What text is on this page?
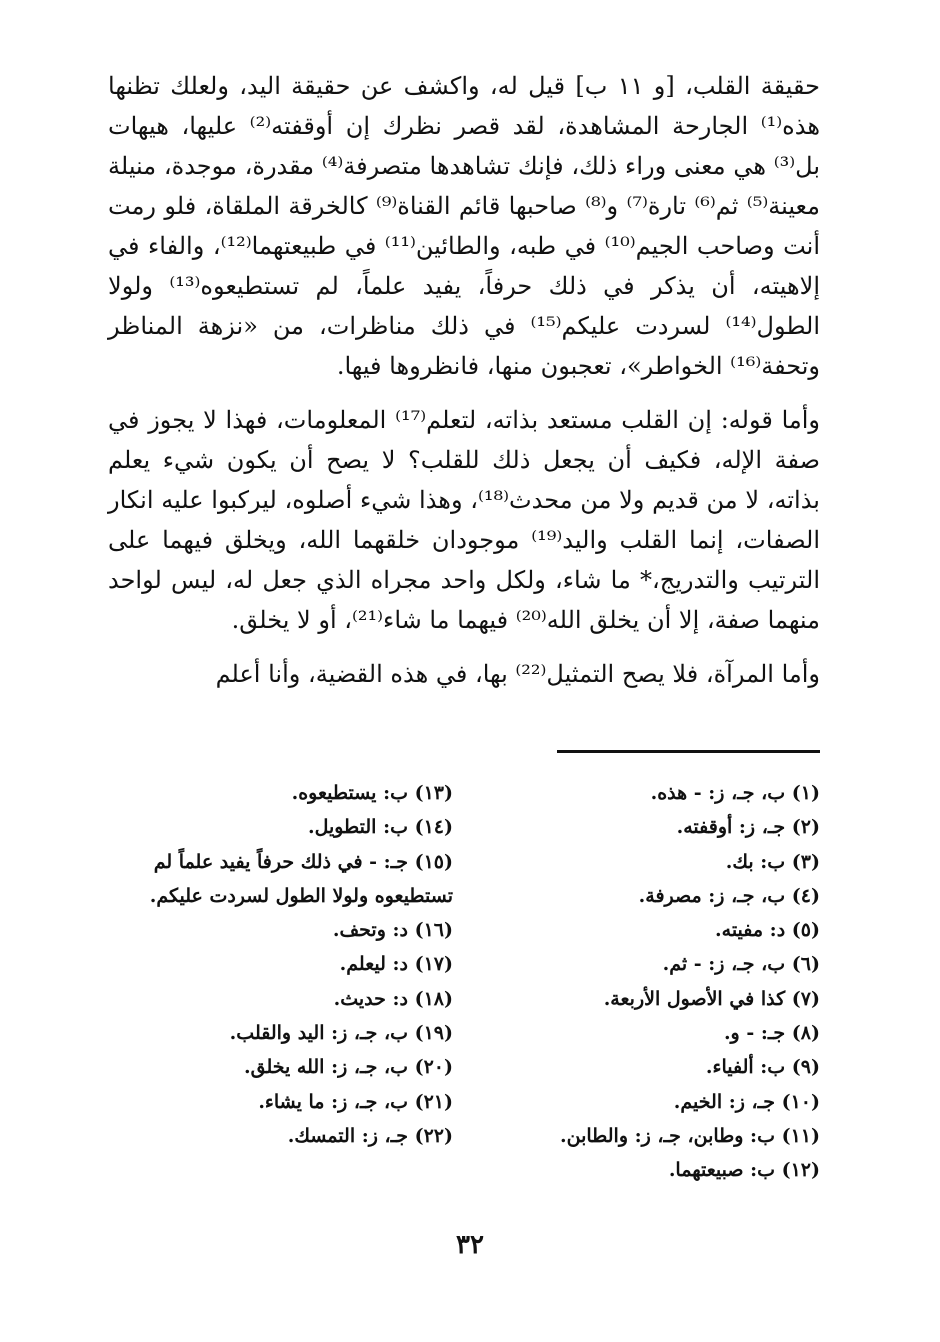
حقيقة القلب، [و ١١ ب] قيل له، واكشف عن حقيقة اليد، ولعلك تظنها هذه⁽¹⁾ الجارحة المشاهدة، لقد قصر نظرك إن أوقفته⁽²⁾ عليها، هيهات بل⁽³⁾ هي معنى وراء ذلك، فإنك تشاهدها متصرفة⁽⁴⁾ مقدرة، موجدة، منيلة معينة⁽⁵⁾ ثم⁽⁶⁾ تارة⁽⁷⁾ و⁽⁸⁾ صاحبها قائم القناة⁽⁹⁾ كالخرقة الملقاة، فلو رمت أنت وصاحب الجيم⁽¹⁰⁾ في طبه، والطائين⁽¹¹⁾ في طبيعتهما⁽¹²⁾، والفاء في إلاهيته، أن يذكر في ذلك حرفاً، يفيد علماً، لم تستطيعوه⁽¹³⁾ ولولا الطول⁽¹⁴⁾ لسردت عليكم⁽¹⁵⁾ في ذلك مناظرات، من «نزهة المناظر وتحفة⁽¹⁶⁾ الخواطر»، تعجبون منها، فانظروها فيها.

وأما قوله: إن القلب مستعد بذاته، لتعلم⁽¹⁷⁾ المعلومات، فهذا لا يجوز في صفة الإله، فكيف أن يجعل ذلك للقلب؟ لا يصح أن يكون شيء يعلم بذاته، لا من قديم ولا من محدث⁽¹⁸⁾، وهذا شيء أصلوه، ليركبوا عليه انكار الصفات، إنما القلب واليد⁽¹⁹⁾ موجودان خلقهما الله، ويخلق فيهما على الترتيب والتدريج،* ما شاء، ولكل واحد مجراه الذي جعل له، ليس لواحد منهما صفة، إلا أن يخلق الله⁽²⁰⁾ فيهما ما شاء⁽²¹⁾، أو لا يخلق.

وأما المرآة، فلا يصح التمثيل⁽²²⁾ بها، في هذه القضية، وأنا أعلم

(١) ب، جـ، ز: - هذه.
(٢) جـ، ز: أوقفته.
(٣) ب: بك.
(٤) ب، جـ، ز: مصرفة.
(٥) د: مفيته.
(٦) ب، جـ، ز: - ثم.
(٧) كذا في الأصول الأربعة.
(٨) جـ: - و.
(٩) ب: ألفياء.
(١٠) جـ، ز: الخيم.
(١١) ب: وطابن، جـ، ز: والطابن.
(١٢) ب: صبيعتهما.
(١٣) ب: يستطيعوه.
(١٤) ب: التطويل.
(١٥) جـ: - في ذلك حرفاً يفيد علماً لم تستطيعوه ولولا الطول لسردت عليكم.
(١٦) د: وتحف.
(١٧) د: ليعلم.
(١٨) د: حديث.
(١٩) ب، جـ، ز: اليد والقلب.
(٢٠) ب، جـ، ز: الله يخلق.
(٢١) ب، جـ، ز: ما يشاء.
(٢٢) جـ، ز: التمسك.
٣٢
